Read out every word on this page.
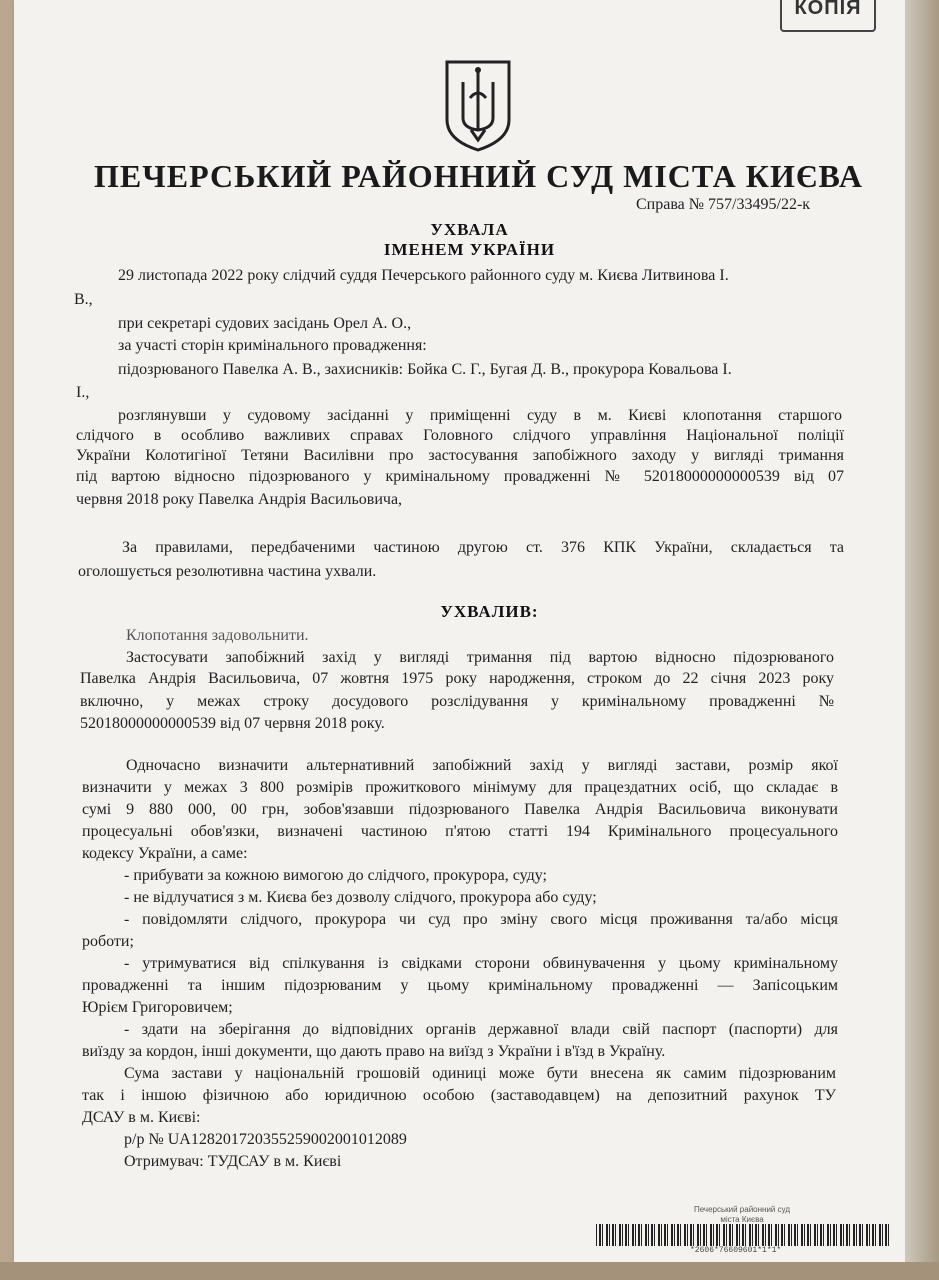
КОПІЯ
ПЕЧЕРСЬКИЙ РАЙОННИЙ СУД МІСТА КИЄВА
Справа № 757/33495/22-к
УХВАЛА
ІМЕНЕМ УКРАЇНИ
29 листопада 2022 року слідчий суддя Печерського районного суду м. Києва Литвинова І.
В.,
при секретарі судових засідань Орел А. О.,
за участі сторін кримінального провадження:
підозрюваного Павелка А. В., захисників: Бойка С. Г., Бугая Д. В., прокурора Ковальова І.
І.,
розглянувши у судовому засіданні у приміщенні суду в м. Києві клопотання старшого
слідчого в особливо важливих справах Головного слідчого управління Національної поліції
України Колотигіної Тетяни Василівни про застосування запобіжного заходу у вигляді тримання
під вартою відносно підозрюваного у кримінальному провадженні № 52018000000000539 від 07
червня 2018 року Павелка Андрія Васильовича,
За правилами, передбаченими частиною другою ст. 376 КПК України, складається та
оголошується резолютивна частина ухвали.
УХВАЛИВ:
Клопотання задовольнити.
Застосувати запобіжний захід у вигляді тримання під вартою відносно підозрюваного
Павелка Андрія Васильовича, 07 жовтня 1975 року народження, строком до 22 січня 2023 року
включно, у межах строку досудового розслідування у кримінальному провадженні №
52018000000000539 від 07 червня 2018 року.
Одночасно визначити альтернативний запобіжний захід у вигляді застави, розмір якої
визначити у межах 3 800 розмірів прожиткового мінімуму для працездатних осіб, що складає в
сумі 9 880 000, 00 грн, зобов'язавши підозрюваного Павелка Андрія Васильовича виконувати
процесуальні обов'язки, визначені частиною п'ятою статті 194 Кримінального процесуального
кодексу України, а саме:
- прибувати за кожною вимогою до слідчого, прокурора, суду;
- не відлучатися з м. Києва без дозволу слідчого, прокурора або суду;
- повідомляти слідчого, прокурора чи суд про зміну свого місця проживання та/або місця
роботи;
- утримуватися від спілкування із свідками сторони обвинувачення у цьому кримінальному
провадженні та іншим підозрюваним у цьому кримінальному провадженні — Запісоцьким
Юрієм Григоровичем;
- здати на зберігання до відповідних органів державної влади свій паспорт (паспорти) для
виїзду за кордон, інші документи, що дають право на виїзд з України і в'їзд в Україну.
Сума застави у національній грошовій одиниці може бути внесена як самим підозрюваним
так і іншою фізичною або юридичною особою (заставодавцем) на депозитний рахунок ТУ
ДСАУ в м. Києві:
р/р № UA128201720355259002001012089
Отримувач: ТУДСАУ в м. Києві
Печерський районний суд
міста Києва
*2606*76609601*1*1*
